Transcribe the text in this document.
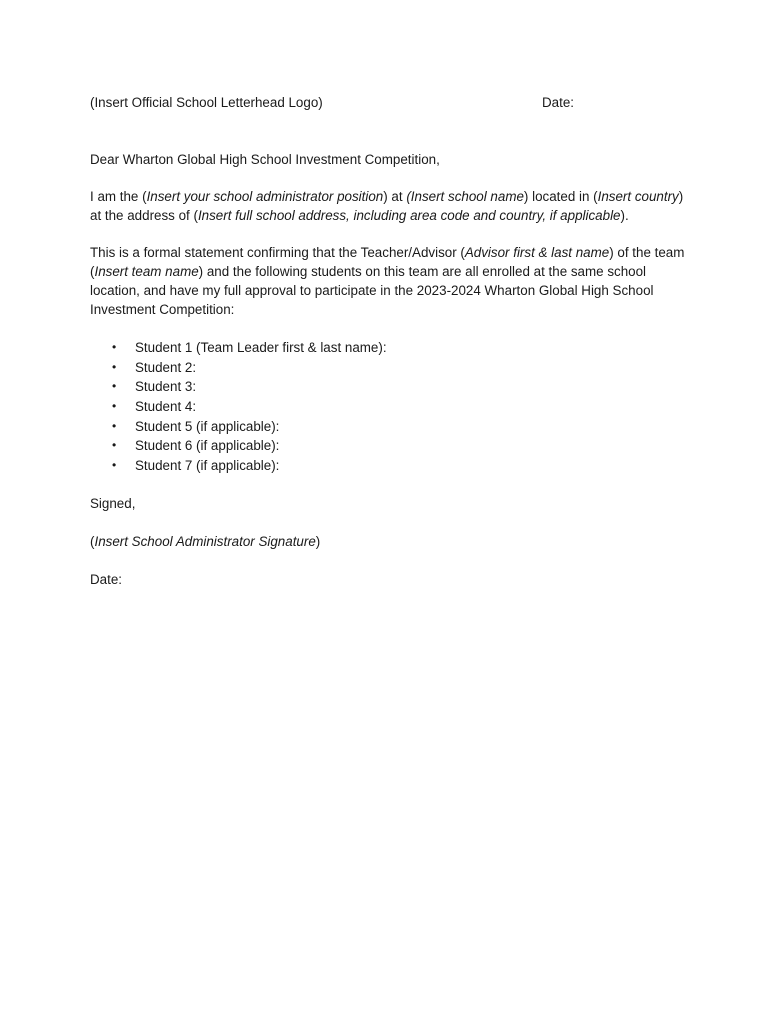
(Insert Official School Letterhead Logo)	Date:

Dear Wharton Global High School Investment Competition,

I am the (Insert your school administrator position) at (Insert school name) located in (Insert country) at the address of (Insert full school address, including area code and country, if applicable).

This is a formal statement confirming that the Teacher/Advisor (Advisor first & last name) of the team (Insert team name) and the following students on this team are all enrolled at the same school location, and have my full approval to participate in the 2023-2024 Wharton Global High School Investment Competition:

• Student 1 (Team Leader first & last name):
• Student 2:
• Student 3:
• Student 4:
• Student 5 (if applicable):
• Student 6 (if applicable):
• Student 7 (if applicable):

Signed,

(Insert School Administrator Signature)

Date:
